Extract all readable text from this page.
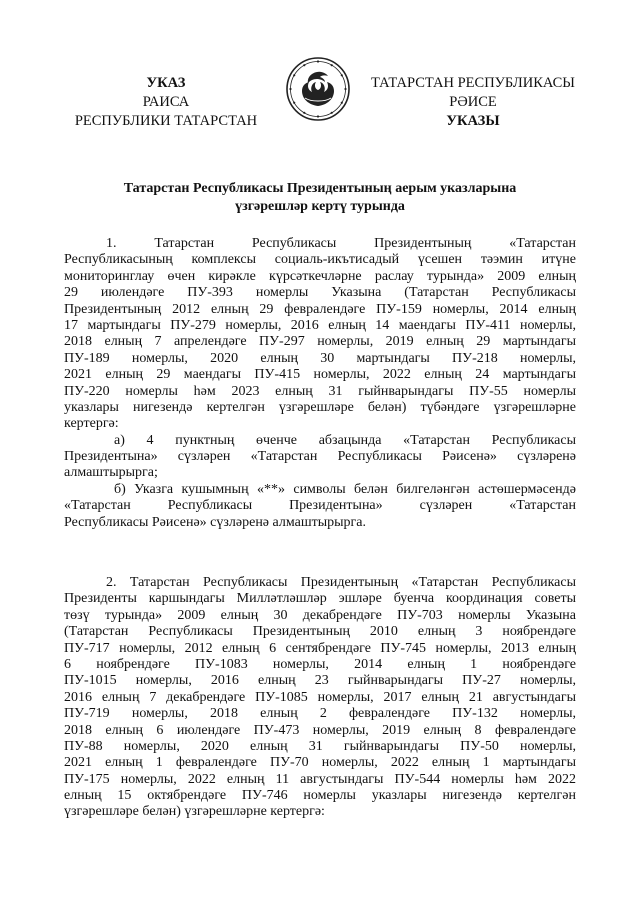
УКАЗ
РАИСА
РЕСПУБЛИКИ ТАТАРСТАН
ТАТАРСТАН РЕСПУБЛИКАСЫ
РӘИСЕ
УКАЗЫ
Татарстан Республикасы Президентының аерым указларына
үзгәрешләр кертү турында
1. Татарстан Республикасы Президентының «Татарстан
Республикасының комплексы социаль-икътисадый үсешен тәэмин итүне
мониторинглау өчен кирәкле күрсәткечләрне раслау турында» 2009 елның
29 июлендәге ПУ-393 номерлы Указына (Татарстан Республикасы
Президентының 2012 елның 29 февралендәге ПУ-159 номерлы, 2014 елның
17 мартындагы ПУ-279 номерлы, 2016 елның 14 маендагы ПУ-411 номерлы,
2018 елның 7 апрелендәге ПУ-297 номерлы, 2019 елның 29 мартындагы
ПУ-189 номерлы, 2020 елның 30 мартындагы ПУ-218 номерлы,
2021 елның 29 маендагы ПУ-415 номерлы, 2022 елның 24 мартындагы
ПУ-220 номерлы һәм 2023 елның 31 гыйнварындагы ПУ-55 номерлы
указлары нигезендә кертелгән үзгәрешләре белән) түбәндәге үзгәрешләрне
кертергә:
а) 4 пунктның өченче абзацында «Татарстан Республикасы
Президентына» сүзләрен «Татарстан Республикасы Рәисенә» сүзләренә
алмаштырырга;
б) Указга кушымның «**» символы белән билгеләнгән астөшермәсендә
«Татарстан Республикасы Президентына» сүзләрен «Татарстан
Республикасы Рәисенә» сүзләренә алмаштырырга.
2. Татарстан Республикасы Президентының «Татарстан Республикасы
Президенты каршындагы Милләтләшләр эшләре буенча координация советы
төзү турында» 2009 елның 30 декабрендәге ПУ-703 номерлы Указына
(Татарстан Республикасы Президентының 2010 елның 3 ноябрендәге
ПУ-717 номерлы, 2012 елның 6 сентябрендәге ПУ-745 номерлы, 2013 елның
6 ноябрендәге ПУ-1083 номерлы, 2014 елның 1 ноябрендәге
ПУ-1015 номерлы, 2016 елның 23 гыйнварындагы ПУ-27 номерлы,
2016 елның 7 декабрендәге ПУ-1085 номерлы, 2017 елның 21 августындагы
ПУ-719 номерлы, 2018 елның 2 февралендәге ПУ-132 номерлы,
2018 елның 6 июлендәге ПУ-473 номерлы, 2019 елның 8 февралендәге
ПУ-88 номерлы, 2020 елның 31 гыйнварындагы ПУ-50 номерлы,
2021 елның 1 февралендәге ПУ-70 номерлы, 2022 елның 1 мартындагы
ПУ-175 номерлы, 2022 елның 11 августындагы ПУ-544 номерлы һәм 2022
елның 15 октябрендәге ПУ-746 номерлы указлары нигезендә кертелгән
үзгәрешләре белән) үзгәрешләрне кертергә:
